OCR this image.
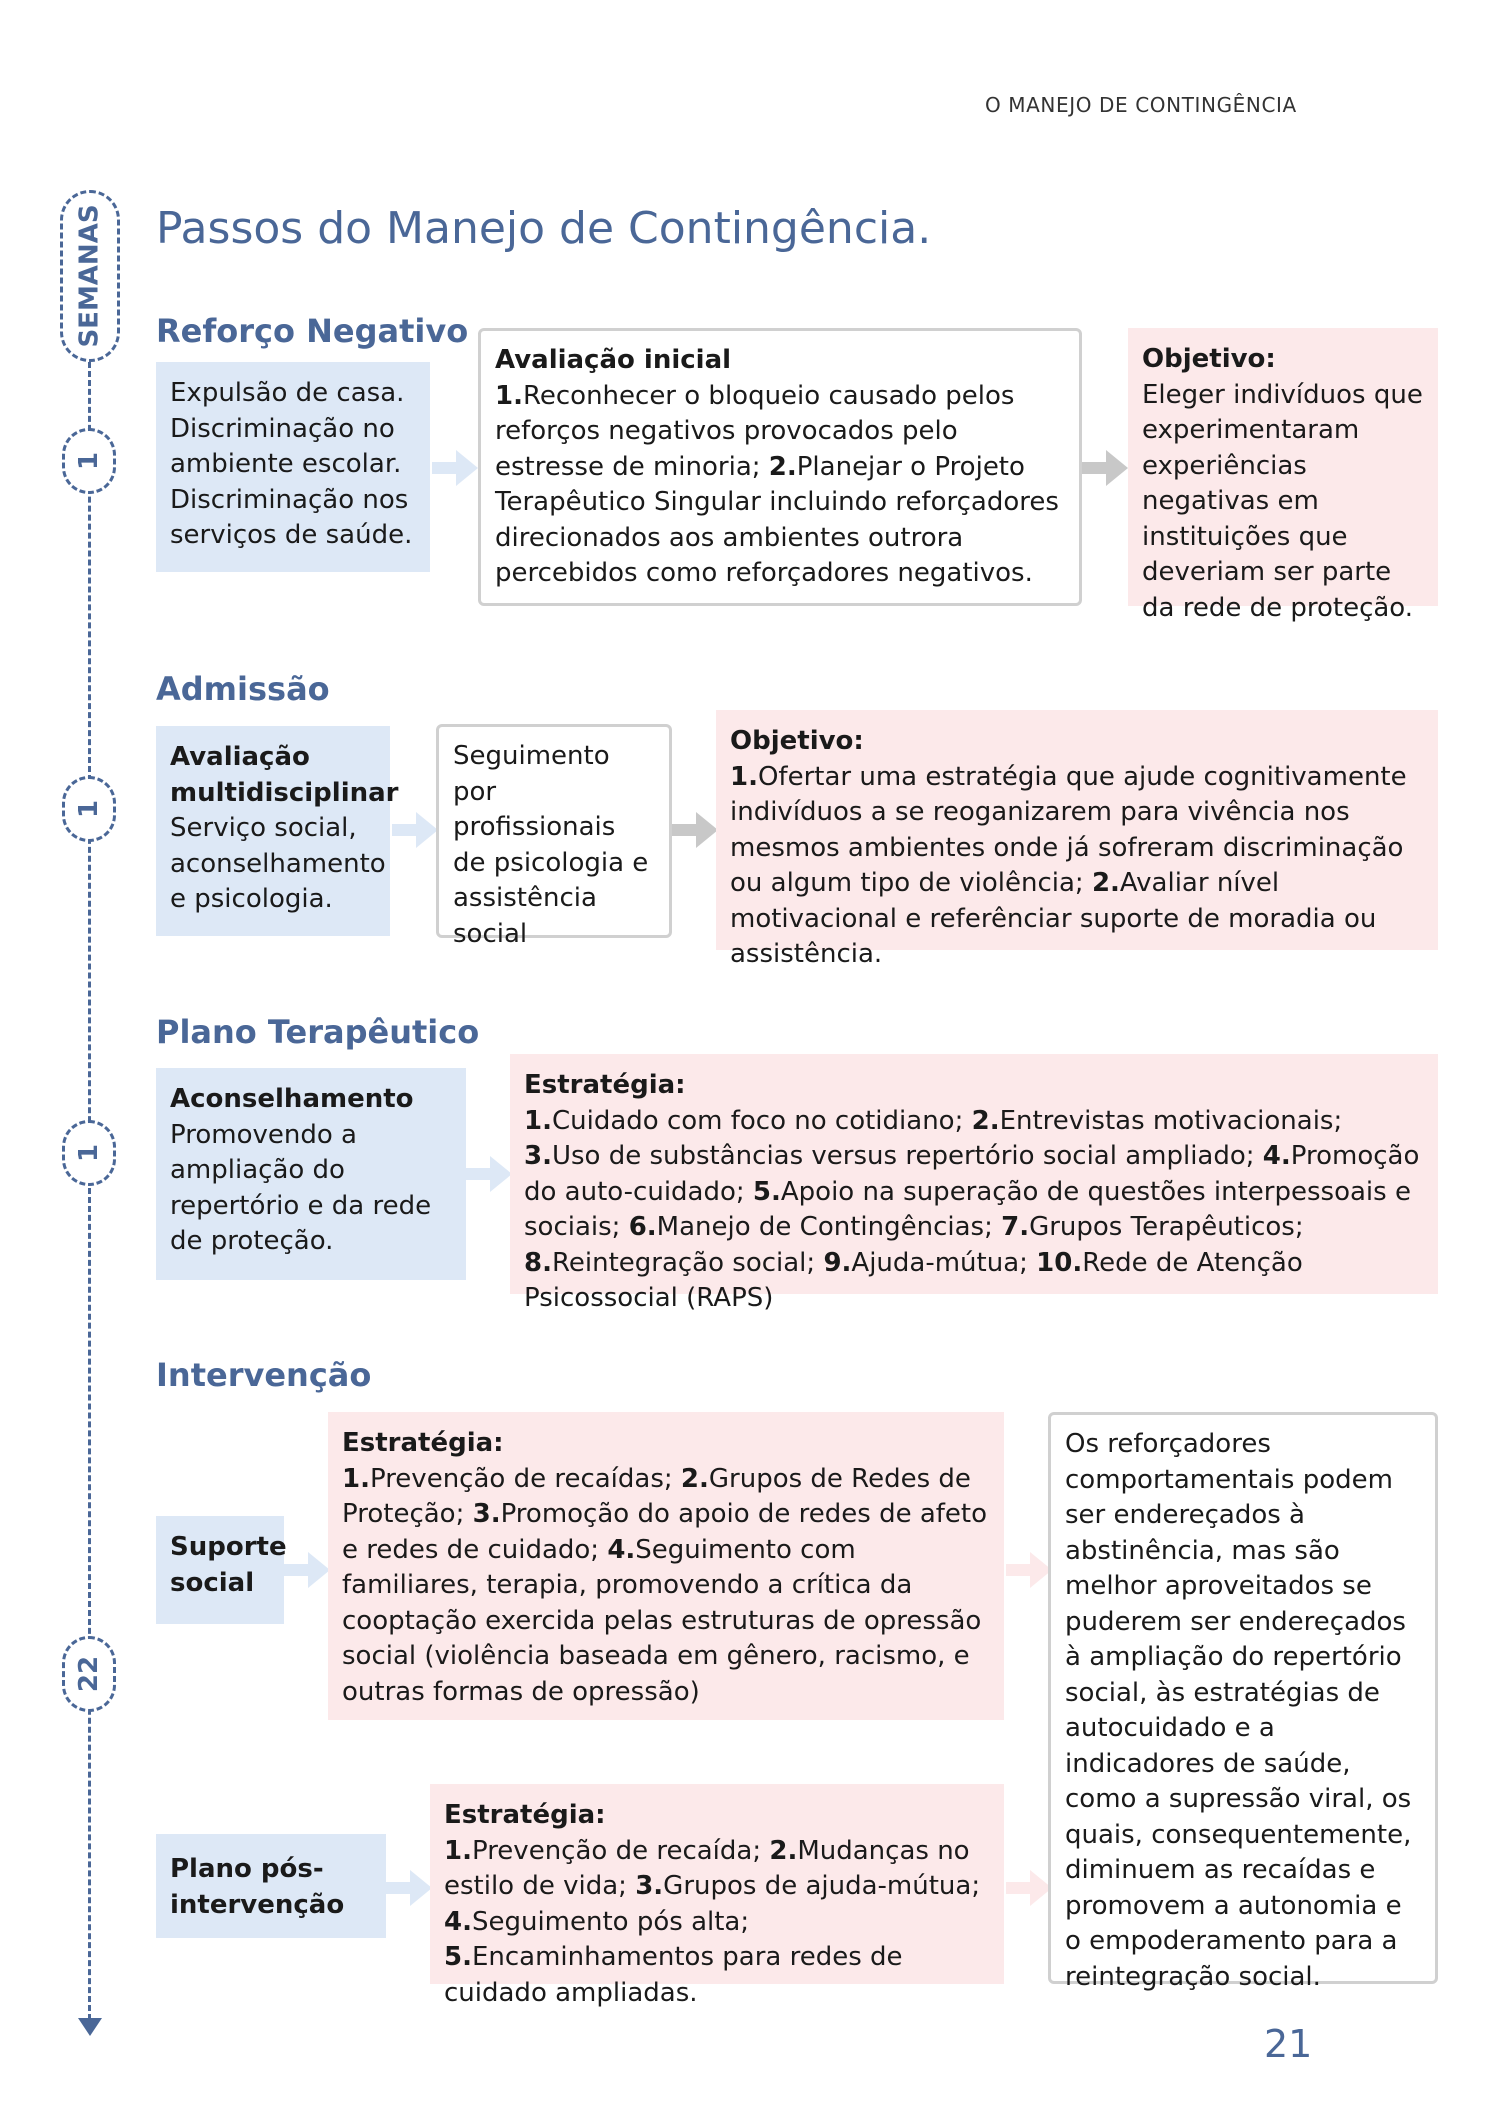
O MANEJO DE CONTINGÊNCIA
SEMANAS
1
1
1
22
Passos do Manejo de Contingência.
Reforço Negativo
Expulsão de casa. Discriminação no ambiente escolar. Discriminação nos serviços de saúde.
Avaliação inicial
1.Reconhecer o bloqueio causado pelos reforços negativos provocados pelo estresse de minoria; 2.Planejar o Projeto Terapêutico Singular incluindo reforçadores direcionados aos ambientes outrora percebidos como reforçadores negativos.
Objetivo:
Eleger indivíduos que experimentaram experiências negativas em instituições que deveriam ser parte da rede de proteção.
Admissão
Avaliação multidisciplinar
Serviço social, aconselhamento e psicologia.
Seguimento por profissionais de psicologia e assistência social
Objetivo:
1.Ofertar uma estratégia que ajude cognitivamente indivíduos a se reoganizarem para vivência nos mesmos ambientes onde já sofreram discriminação ou algum tipo de violência; 2.Avaliar nível motivacional e referênciar suporte de moradia ou assistência.
Plano Terapêutico
Aconselhamento
Promovendo a ampliação do repertório e da rede de proteção.
Estratégia:
1.Cuidado com foco no cotidiano; 2.Entrevistas motivacionais; 3.Uso de substâncias versus repertório social ampliado; 4.Promoção do auto-cuidado; 5.Apoio na superação de questões interpessoais e sociais; 6.Manejo de Contingências; 7.Grupos Terapêuticos; 8.Reintegração social; 9.Ajuda-mútua; 10.Rede de Atenção Psicossocial (RAPS)
Intervenção
Suporte social
Estratégia:
1.Prevenção de recaídas; 2.Grupos de Redes de Proteção; 3.Promoção do apoio de redes de afeto e redes de cuidado; 4.Seguimento com familiares, terapia, promovendo a crítica da cooptação exercida pelas estruturas de opressão social (violência baseada em gênero, racismo, e outras formas de opressão)
Plano pós-intervenção
Estratégia:
1.Prevenção de recaída; 2.Mudanças no estilo de vida; 3.Grupos de ajuda-mútua; 4.Seguimento pós alta; 5.Encaminhamentos para redes de cuidado ampliadas.
Os reforçadores comportamentais podem ser endereçados à abstinência, mas são melhor aproveitados se puderem ser endereçados à ampliação do repertório social, às estratégias de autocuidado e a indicadores de saúde, como a supressão viral, os quais, consequentemente, diminuem as recaídas e promovem a autonomia e o empoderamento para a reintegração social.
21
